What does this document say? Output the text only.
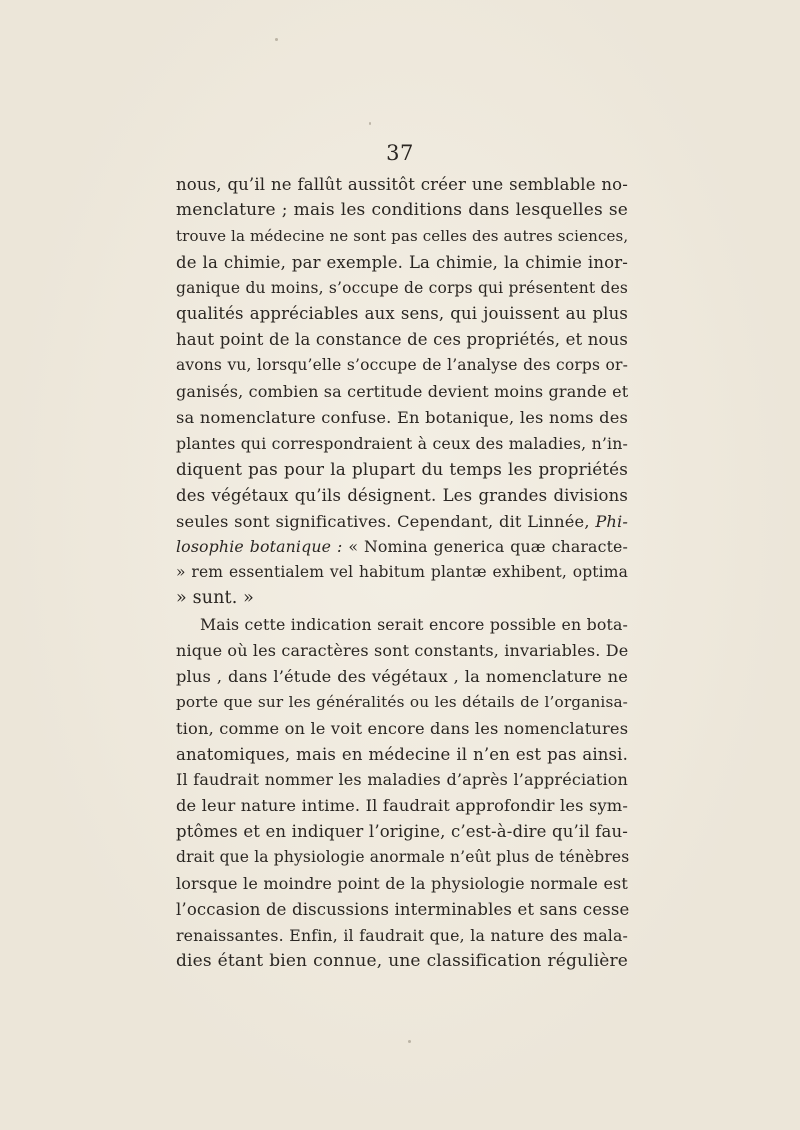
37
nous, qu’il ne fallût aussitôt créer une semblable no-
menclature ; mais les conditions dans lesquelles se
trouve la médecine ne sont pas celles des autres sciences,
de la chimie, par exemple. La chimie, la chimie inor-
ganique du moins, s’occupe de corps qui présentent des
qualités appréciables aux sens, qui jouissent au plus
haut point de la constance de ces propriétés, et nous
avons vu, lorsqu’elle s’occupe de l’analyse des corps or-
ganisés, combien sa certitude devient moins grande et
sa nomenclature confuse. En botanique, les noms des
plantes qui correspondraient à ceux des maladies, n’in-
diquent pas pour la plupart du temps les propriétés
des végétaux qu’ils désignent. Les grandes divisions
seules sont significatives. Cependant, dit Linnée, Phi-
losophie botanique : « Nomina generica quæ characte-
» rem essentialem vel habitum plantæ exhibent, optima
» sunt. »
Mais cette indication serait encore possible en bota-
nique où les caractères sont constants, invariables. De
plus , dans l’étude des végétaux , la nomenclature ne
porte que sur les généralités ou les détails de l’organisa-
tion, comme on le voit encore dans les nomenclatures
anatomiques, mais en médecine il n’en est pas ainsi.
Il faudrait nommer les maladies d’après l’appréciation
de leur nature intime. Il faudrait approfondir les sym-
ptômes et en indiquer l’origine, c’est-à-dire qu’il fau-
drait que la physiologie anormale n’eût plus de ténèbres
lorsque le moindre point de la physiologie normale est
l’occasion de discussions interminables et sans cesse
renaissantes. Enfin, il faudrait que, la nature des mala-
dies étant bien connue, une classification régulière
